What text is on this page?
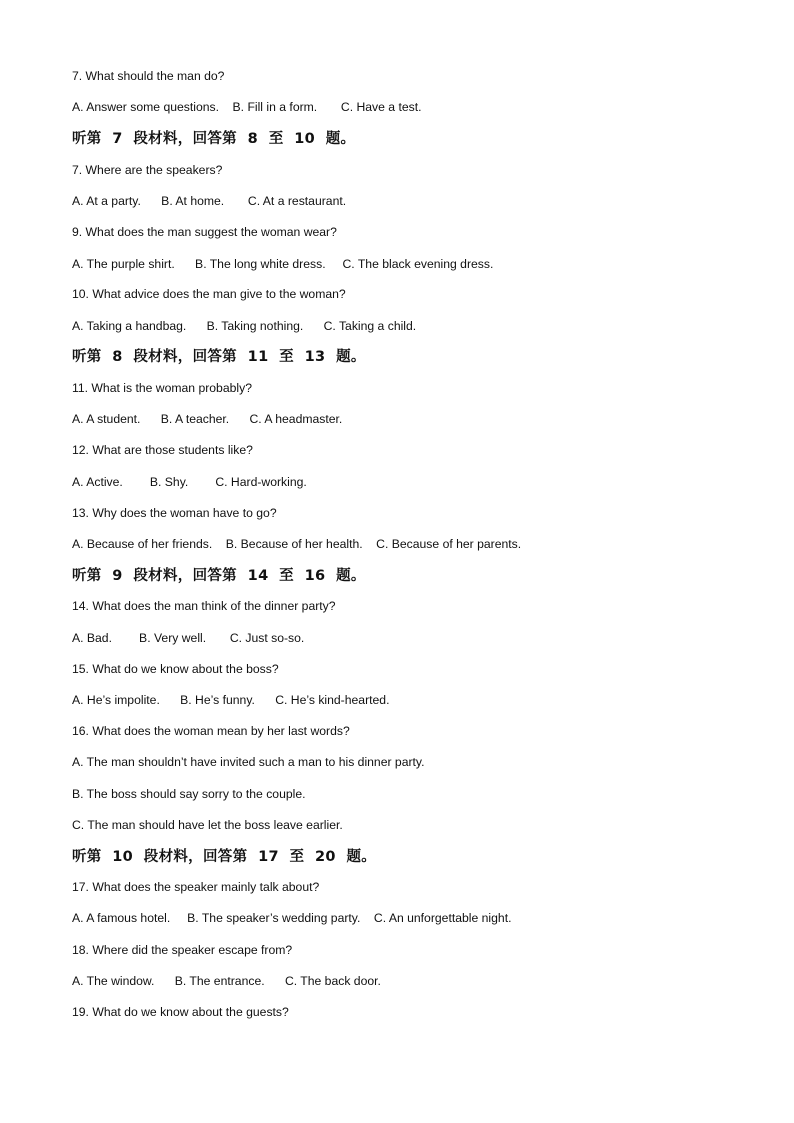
7. What should the man do?
A. Answer some questions.    B. Fill in a form.       C. Have a test.
听第  7  段材料，回答第  8  至  10  题。
7. Where are the speakers?
A. At a party.      B. At home.       C. At a restaurant.
9. What does the man suggest the woman wear?
A. The purple shirt.      B. The long white dress.     C. The black evening dress.
10. What advice does the man give to the woman?
A. Taking a handbag.      B. Taking nothing.      C. Taking a child.
听第  8  段材料，回答第  11  至  13  题。
11. What is the woman probably?
A. A student.      B. A teacher.      C. A headmaster.
12. What are those students like?
A. Active.        B. Shy.        C. Hard-working.
13. Why does the woman have to go?
A. Because of her friends.    B. Because of her health.    C. Because of her parents.
听第  9  段材料，回答第  14  至  16  题。
14. What does the man think of the dinner party?
A. Bad.        B. Very well.       C. Just so-so.
15. What do we know about the boss?
A. He’s impolite.      B. He’s funny.      C. He’s kind-hearted.
16. What does the woman mean by her last words?
A. The man shouldn’t have invited such a man to his dinner party.
B. The boss should say sorry to the couple.
C. The man should have let the boss leave earlier.
听第  10  段材料，回答第  17  至  20  题。
17. What does the speaker mainly talk about?
A. A famous hotel.     B. The speaker’s wedding party.    C. An unforgettable night.
18. Where did the speaker escape from?
A. The window.      B. The entrance.      C. The back door.
19. What do we know about the guests?
